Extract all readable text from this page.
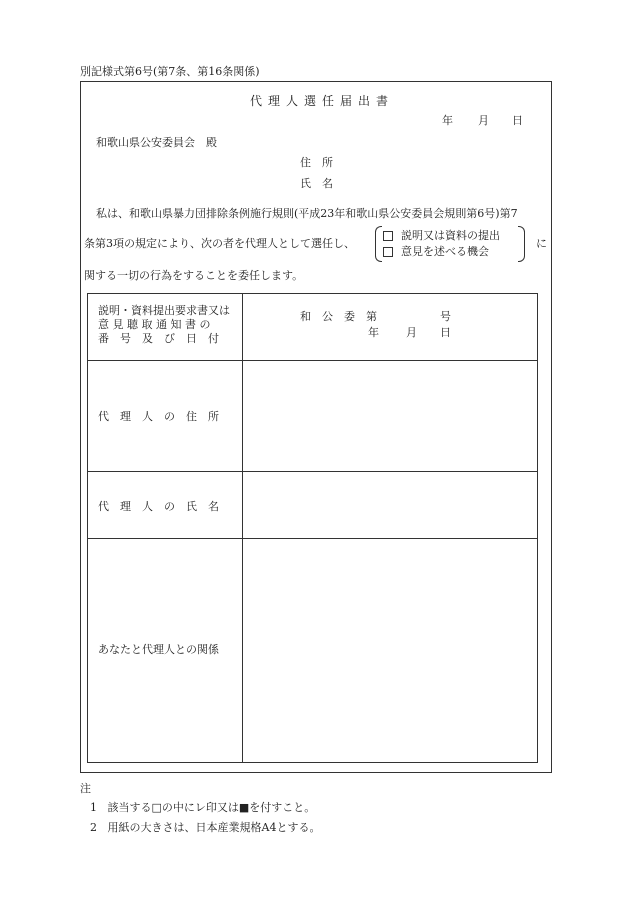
別記様式第6号(第7条、第16条関係)
代理人選任届出書
年 月 日
和歌山県公安委員会　殿
住　所
氏　名
私は、和歌山県暴力団排除条例施行規則(平成23年和歌山県公安委員会規則第6号)第7
条第3項の規定により、次の者を代理人として選任し、
説明又は資料の提出
意見を述べる機会
に
関する一切の行為をすることを委任します。
説明・資料提出要求書又は
意 見 聴 取 通 知 書 の
番　号　及　び　日　付
和　公　委　第	号
年 月 日
代　理　人　の　住　所
代　理　人　の　氏　名
あなたと代理人との関係
注
1 該当する□の中にレ印又は■を付すこと。
2 用紙の大きさは、日本産業規格A4とする。
